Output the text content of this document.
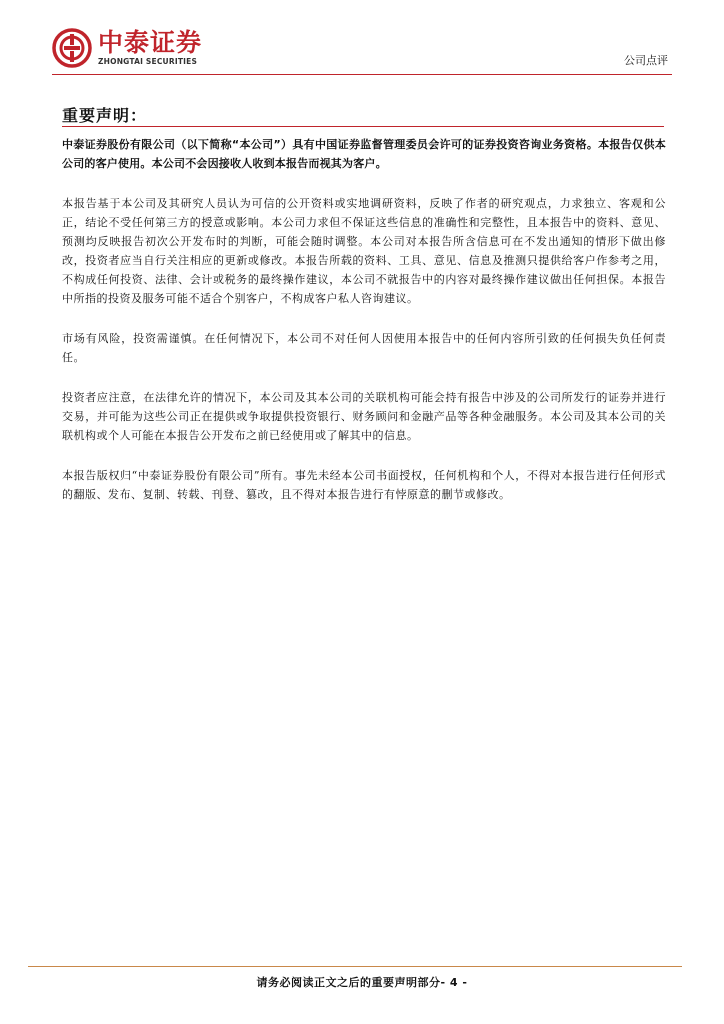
中泰证券
ZHONGTAI SECURITIES	公司点评
重要声明：

中泰证券股份有限公司（以下简称“本公司”）具有中国证券监督管理委员会许可的证券投资咨询业务资格。本报告仅供本公司的客户使用。本公司不会因接收人收到本报告而视其为客户。

本报告基于本公司及其研究人员认为可信的公开资料或实地调研资料，反映了作者的研究观点，力求独立、客观和公正，结论不受任何第三方的授意或影响。本公司力求但不保证这些信息的准确性和完整性，且本报告中的资料、意见、预测均反映报告初次公开发布时的判断，可能会随时调整。本公司对本报告所含信息可在不发出通知的情形下做出修改，投资者应当自行关注相应的更新或修改。本报告所载的资料、工具、意见、信息及推测只提供给客户作参考之用，不构成任何投资、法律、会计或税务的最终操作建议，本公司不就报告中的内容对最终操作建议做出任何担保。本报告中所指的投资及服务可能不适合个别客户，不构成客户私人咨询建议。

市场有风险，投资需谨慎。在任何情况下，本公司不对任何人因使用本报告中的任何内容所引致的任何损失负任何责任。

投资者应注意，在法律允许的情况下，本公司及其本公司的关联机构可能会持有报告中涉及的公司所发行的证券并进行交易，并可能为这些公司正在提供或争取提供投资银行、财务顾问和金融产品等各种金融服务。本公司及其本公司的关联机构或个人可能在本报告公开发布之前已经使用或了解其中的信息。

本报告版权归“中泰证券股份有限公司”所有。事先未经本公司书面授权，任何机构和个人，不得对本报告进行任何形式的翻版、发布、复制、转载、刊登、篡改，且不得对本报告进行有悖原意的删节或修改。

请务必阅读正文之后的重要声明部分- 4 -
